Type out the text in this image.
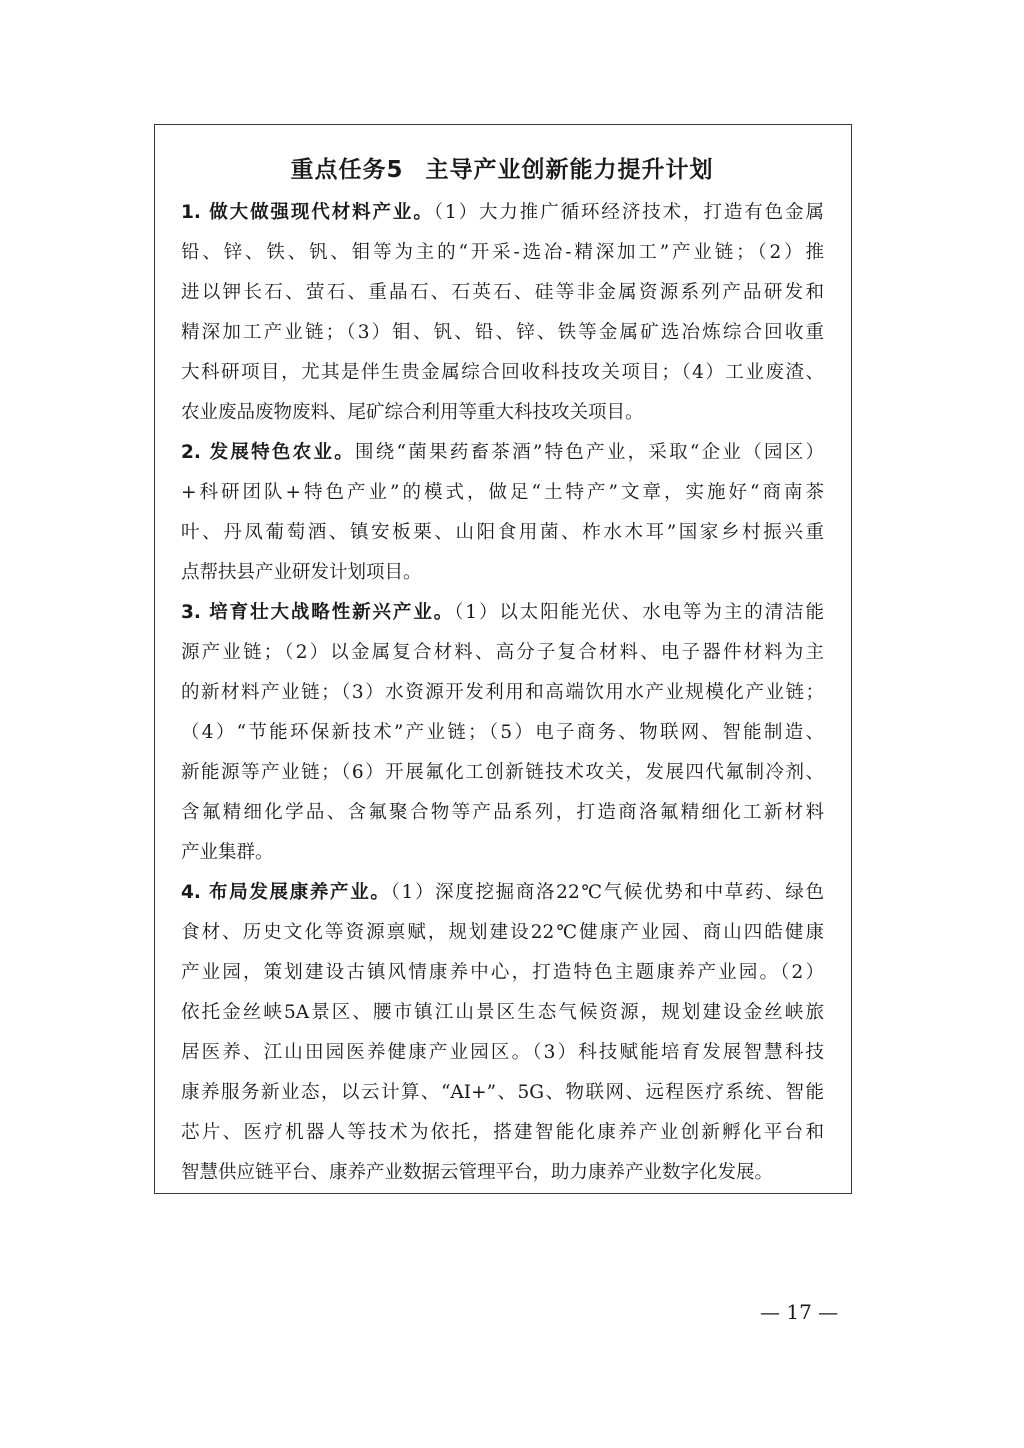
重点任务5 主导产业创新能力提升计划
1. 做大做强现代材料产业。（1）大力推广循环经济技术，打造有色金属
铅、锌、铁、钒、钼等为主的“开采-选冶-精深加工”产业链；（2）推
进以钾长石、萤石、重晶石、石英石、硅等非金属资源系列产品研发和
精深加工产业链；（3）钼、钒、铅、锌、铁等金属矿选冶炼综合回收重
大科研项目，尤其是伴生贵金属综合回收科技攻关项目；（4）工业废渣、
农业废品废物废料、尾矿综合利用等重大科技攻关项目。
2. 发展特色农业。围绕“菌果药畜茶酒”特色产业，采取“企业（园区）
+科研团队+特色产业”的模式，做足“土特产”文章，实施好“商南茶
叶、丹凤葡萄酒、镇安板栗、山阳食用菌、柞水木耳”国家乡村振兴重
点帮扶县产业研发计划项目。
3. 培育壮大战略性新兴产业。（1）以太阳能光伏、水电等为主的清洁能
源产业链；（2）以金属复合材料、高分子复合材料、电子器件材料为主
的新材料产业链；（3）水资源开发利用和高端饮用水产业规模化产业链；
（4）“节能环保新技术”产业链；（5）电子商务、物联网、智能制造、
新能源等产业链；（6）开展氟化工创新链技术攻关，发展四代氟制冷剂、
含氟精细化学品、含氟聚合物等产品系列，打造商洛氟精细化工新材料
产业集群。
4. 布局发展康养产业。（1）深度挖掘商洛22℃气候优势和中草药、绿色
食材、历史文化等资源禀赋，规划建设22℃健康产业园、商山四皓健康
产业园，策划建设古镇风情康养中心，打造特色主题康养产业园。（2）
依托金丝峡5A景区、腰市镇江山景区生态气候资源，规划建设金丝峡旅
居医养、江山田园医养健康产业园区。（3）科技赋能培育发展智慧科技
康养服务新业态，以云计算、“AI+”、5G、物联网、远程医疗系统、智能
芯片、医疗机器人等技术为依托，搭建智能化康养产业创新孵化平台和
智慧供应链平台、康养产业数据云管理平台，助力康养产业数字化发展。
— 17 —
